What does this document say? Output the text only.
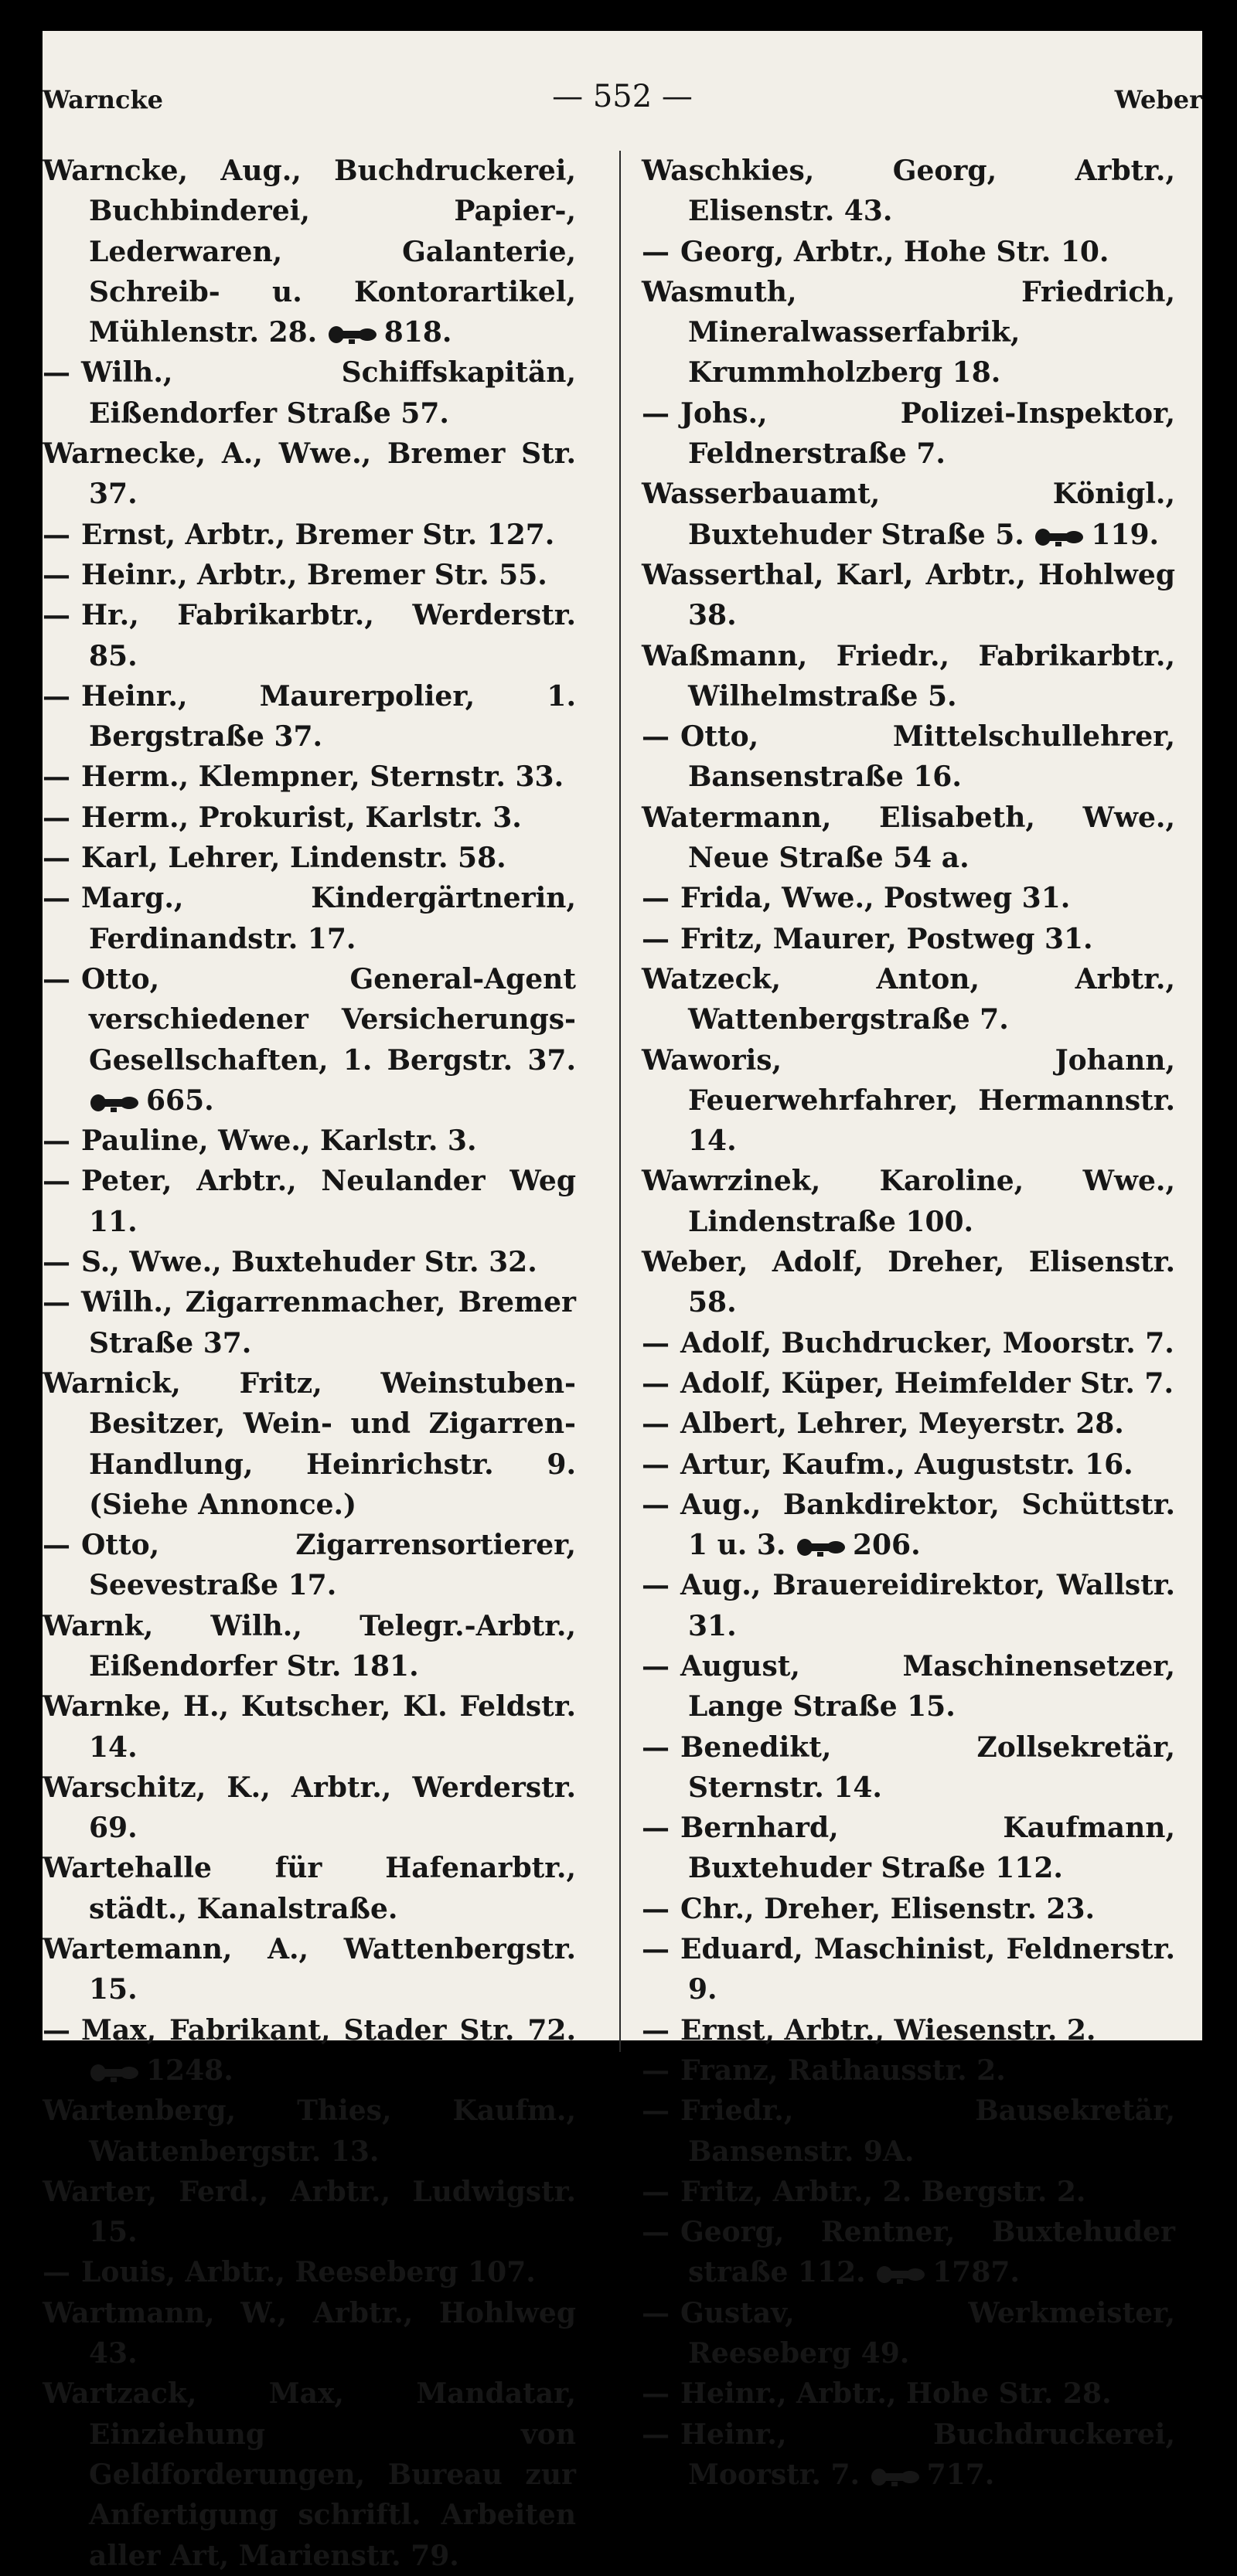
Warncke	— 552 —	Weber

Warncke, Aug., Buchdruckerei, Buchbinderei, Papier-, Lederwaren, Galanterie, Schreib- u. Kontorartikel, Mühlenstr. 28. 818.

— Wilh., Schiffskapitän, Eißendorfer Straße 57.

Warnecke, A., Wwe., Bremer Str. 37.

— Ernst, Arbtr., Bremer Str. 127.

— Heinr., Arbtr., Bremer Str. 55.

— Hr., Fabrikarbtr., Werderstr. 85.

— Heinr., Maurerpolier, 1. Bergstraße 37.

— Herm., Klempner, Sternstr. 33.

— Herm., Prokurist, Karlstr. 3.

— Karl, Lehrer, Lindenstr. 58.

— Marg., Kindergärtnerin, Ferdinandstr. 17.

— Otto, General-Agent verschiedener Versicherungs-Gesellschaften, 1. Bergstr. 37.
665.

— Pauline, Wwe., Karlstr. 3.

— Peter, Arbtr., Neulander Weg 11.

— S., Wwe., Buxtehuder Str. 32.

— Wilh., Zigarrenmacher, Bremer Straße 37.

Warnick, Fritz, Weinstuben-Besitzer, Wein- und Zigarren-Handlung, Heinrichstr. 9. (Siehe Annonce.)

— Otto, Zigarrensortierer, Seevestraße 17.

Warnk, Wilh., Telegr.-Arbtr., Eißendorfer Str. 181.

Warnke, H., Kutscher, Kl. Feldstr. 14.

Warschitz, K., Arbtr., Werderstr. 69.

Wartehalle für Hafenarbtr., städt., Kanalstraße.

Wartemann, A., Wattenbergstr. 15.

— Max, Fabrikant, Stader Str. 72.
1248.

Wartenberg, Thies, Kaufm., Wattenbergstr. 13.

Warter, Ferd., Arbtr., Ludwigstr. 15.

— Louis, Arbtr., Reeseberg 107.

Wartmann, W., Arbtr., Hohlweg 43.

Wartzack, Max, Mandatar, Einziehung von Geldforderungen, Bureau zur Anfertigung schriftl. Arbeiten aller Art, Marienstr. 79.

Waschkies, Georg, Arbtr., Elisenstr. 43.

— Georg, Arbtr., Hohe Str. 10.

Wasmuth, Friedrich, Mineralwasserfabrik, Krummholzberg 18.

— Johs., Polizei-Inspektor, Feldnerstraße 7.

Wasserbauamt, Königl., Buxtehuder Straße 5. 119.

Wasserthal, Karl, Arbtr., Hohlweg 38.

Waßmann, Friedr., Fabrikarbtr., Wilhelmstraße 5.

— Otto, Mittelschullehrer, Bansenstraße 16.

Watermann, Elisabeth, Wwe., Neue Straße 54 a.

— Frida, Wwe., Postweg 31.

— Fritz, Maurer, Postweg 31.

Watzeck, Anton, Arbtr., Wattenbergstraße 7.

Waworis, Johann, Feuerwehrfahrer, Hermannstr. 14.

Wawrzinek, Karoline, Wwe., Lindenstraße 100.

Weber, Adolf, Dreher, Elisenstr. 58.

— Adolf, Buchdrucker, Moorstr. 7.

— Adolf, Küper, Heimfelder Str. 7.

— Albert, Lehrer, Meyerstr. 28.

— Artur, Kaufm., Auguststr. 16.

— Aug., Bankdirektor, Schüttstr. 1 u. 3. 206.

— Aug., Brauereidirektor, Wallstr. 31.

— August, Maschinensetzer, Lange Straße 15.

— Benedikt, Zollsekretär, Sternstr. 14.

— Bernhard, Kaufmann, Buxtehuder Straße 112.

— Chr., Dreher, Elisenstr. 23.

— Eduard, Maschinist, Feldnerstr. 9.

— Ernst, Arbtr., Wiesenstr. 2.

— Franz, Rathausstr. 2.

— Friedr., Bausekretär, Bansenstr. 9A.

— Fritz, Arbtr., 2. Bergstr. 2.

— Georg, Rentner, Buxtehuder straße 112. 1787.

— Gustav, Werkmeister, Reeseberg 49.

— Heinr., Arbtr., Hohe Str. 28.

— Heinr., Buchdruckerei, Moorstr. 7. 717.
